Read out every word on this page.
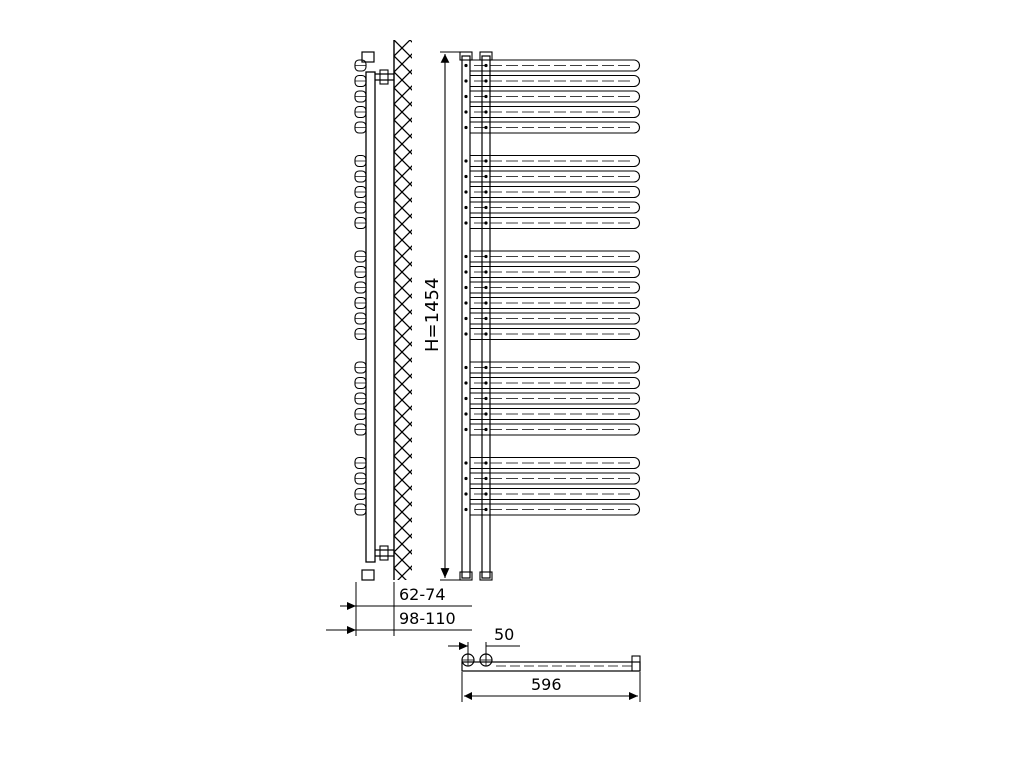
62-74
98-110
H=1454
50
596
